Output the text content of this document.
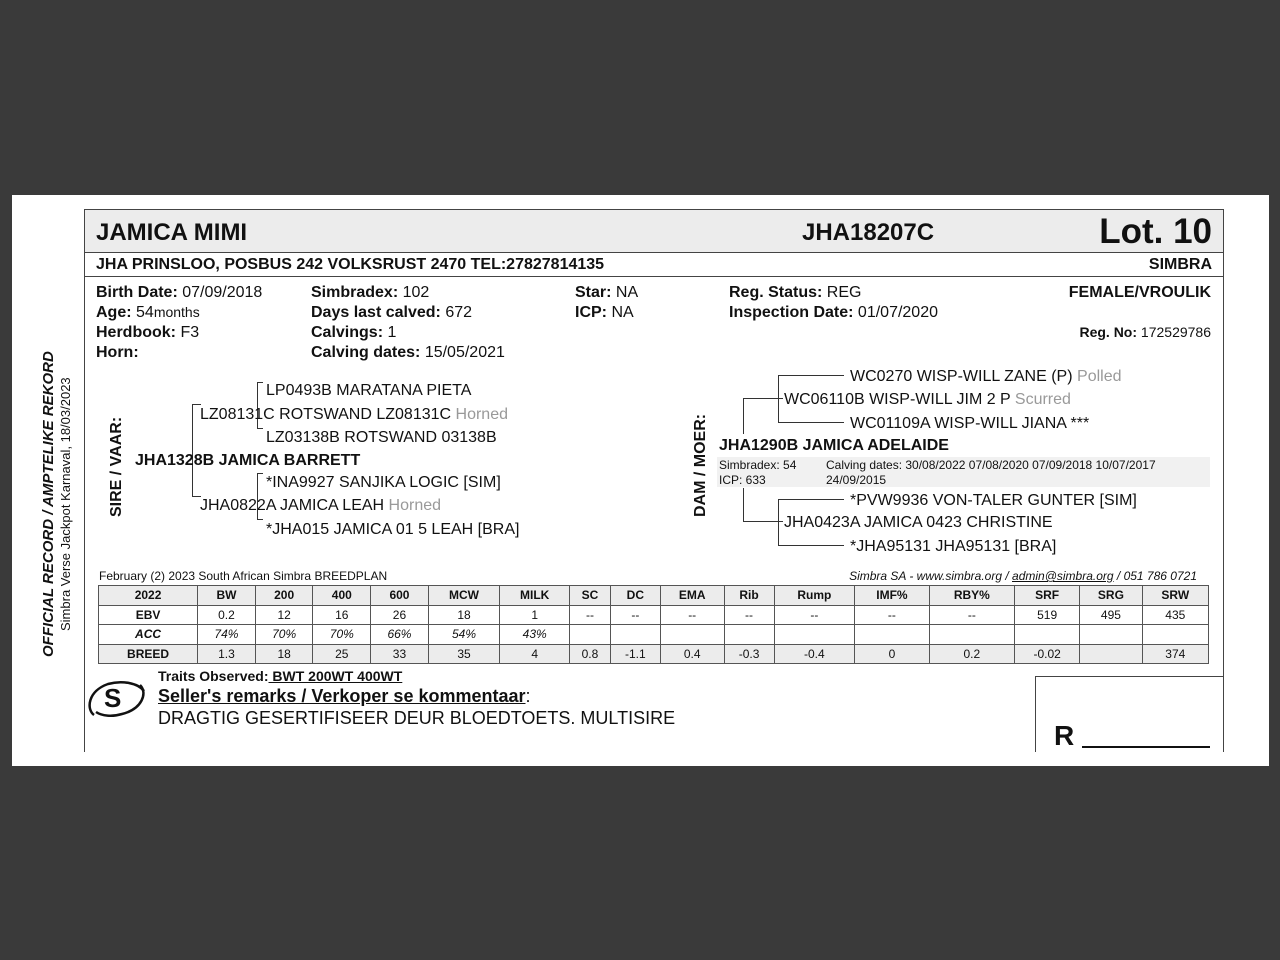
OFFICIAL RECORD / AMPTELIKE REKORD Simbra Verse Jackpot Karnaval, 18/03/2023
JAMICA MIMI	JHA18207C	Lot. 10
JHA PRINSLOO, POSBUS 242 VOLKSRUST 2470 TEL:27827814135	SIMBRA
Birth Date: 07/09/2018
Age: 54months
Herdbook: F3
Horn:
Simbradex: 102
Days last calved: 672
Calvings: 1
Calving dates: 15/05/2021
Star: NA
ICP: NA
Reg. Status: REG
Inspection Date: 01/07/2020
FEMALE/VROULIK
Reg. No: 172529786
SIRE / VAAR:
LP0493B MARATANA PIETA
LZ08131C ROTSWAND LZ08131C Horned
LZ03138B ROTSWAND 03138B
JHA1328B JAMICA BARRETT
*INA9927 SANJIKA LOGIC [SIM]
JHA0822A JAMICA LEAH Horned
*JHA015 JAMICA 01 5 LEAH [BRA]
DAM / MOER:
WC0270 WISP-WILL ZANE (P) Polled
WC06110B WISP-WILL JIM 2 P Scurred
WC01109A WISP-WILL JIANA ***
JHA1290B JAMICA ADELAIDE
Simbradex: 54
ICP: 633
Calving dates: 30/08/2022 07/08/2020 07/09/2018 10/07/2017
24/09/2015
*PVW9936 VON-TALER GUNTER [SIM]
JHA0423A JAMICA 0423 CHRISTINE
*JHA95131 JHA95131 [BRA]
February (2) 2023 South African Simbra BREEDPLAN	Simbra SA - www.simbra.org / admin@simbra.org / 051 786 0721
2022	BW	200	400	600	MCW	MILK	SC	DC	EMA	Rib	Rump	IMF%	RBY%	SRF	SRG	SRW
EBV	0.2	12	16	26	18	1	--	--	--	--	--	--	--	519	495	435
ACC	74%	70%	70%	66%	54%	43%										
BREED	1.3	18	25	33	35	4	0.8	-1.1	0.4	-0.3	-0.4	0	0.2	-0.02		374
Traits Observed: BWT 200WT 400WT
S Seller's remarks / Verkoper se kommentaar:
DRAGTIG GESERTIFISEER DEUR BLOEDTOETS. MULTISIRE
R
